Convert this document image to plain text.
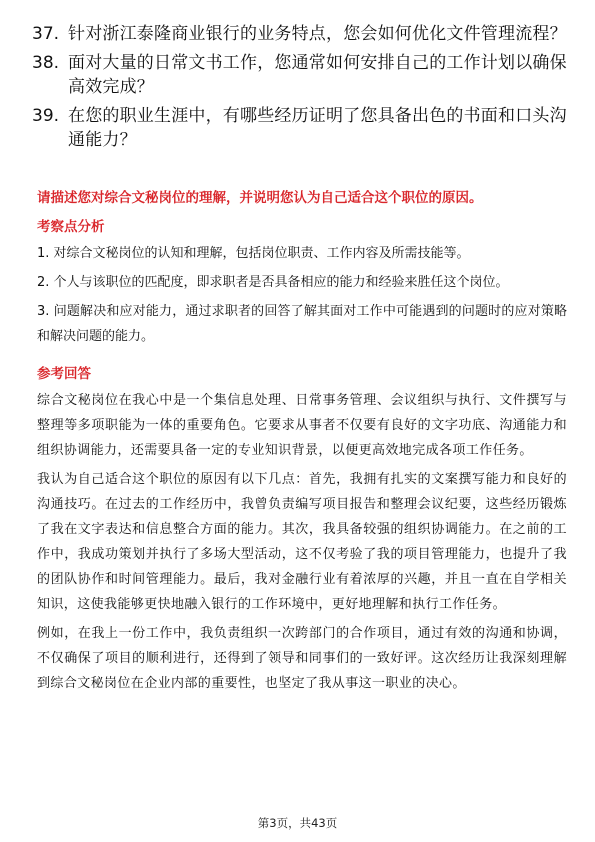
37. 针对浙江泰隆商业银行的业务特点，您会如何优化文件管理流程？
38. 面对大量的日常文书工作，您通常如何安排自己的工作计划以确保高效完成？
39. 在您的职业生涯中，有哪些经历证明了您具备出色的书面和口头沟通能力？
请描述您对综合文秘岗位的理解，并说明您认为自己适合这个职位的原因。
考察点分析
1. 对综合文秘岗位的认知和理解，包括岗位职责、工作内容及所需技能等。
2. 个人与该职位的匹配度，即求职者是否具备相应的能力和经验来胜任这个岗位。
3. 问题解决和应对能力，通过求职者的回答了解其面对工作中可能遇到的问题时的应对策略和解决问题的能力。
参考回答

综合文秘岗位在我心中是一个集信息处理、日常事务管理、会议组织与执行、文件撰写与整理等多项职能为一体的重要角色。它要求从事者不仅要有良好的文字功底、沟通能力和组织协调能力，还需要具备一定的专业知识背景，以便更高效地完成各项工作任务。

我认为自己适合这个职位的原因有以下几点：首先，我拥有扎实的文案撰写能力和良好的沟通技巧。在过去的工作经历中，我曾负责编写项目报告和整理会议纪要，这些经历锻炼了我在文字表达和信息整合方面的能力。其次，我具备较强的组织协调能力。在之前的工作中，我成功策划并执行了多场大型活动，这不仅考验了我的项目管理能力，也提升了我的团队协作和时间管理能力。最后，我对金融行业有着浓厚的兴趣，并且一直在自学相关知识，这使我能够更快地融入银行的工作环境中，更好地理解和执行工作任务。

例如，在我上一份工作中，我负责组织一次跨部门的合作项目，通过有效的沟通和协调，不仅确保了项目的顺利进行，还得到了领导和同事们的一致好评。这次经历让我深刻理解到综合文秘岗位在企业内部的重要性，也坚定了我从事这一职业的决心。

第3页，共43页
